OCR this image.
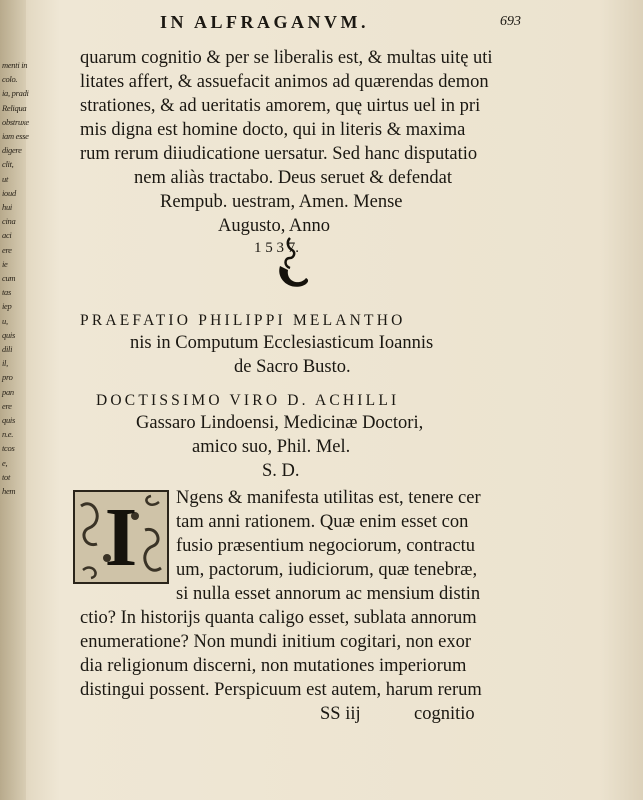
menti in
colo.
ia, pradi
Reliqua
obstruxe
iam esse
digere
clit,
ut
ioud
hui
cina
aci
ere
ie
cum
tas
iep
u,
quis
dili
il,
pro
pan
ere
quis
n.e.
tcos
e,
tot
hem
IN ALFRAGANVM.	693
quarum cognitio & per se liberalis est, & multas uitę uti
litates affert, & assuefacit animos ad quærendas demon
strationes, & ad ueritatis amorem, quę uirtus uel in pri
mis digna est homine docto, qui in literis & maxima
rum rerum diiudicatione uersatur. Sed hanc disputatio
nem aliàs tractabo. Deus seruet & defendat
Rempub. uestram, Amen. Mense
Augusto, Anno
1 5 3 7.
PRAEFATIO PHILIPPI MELANTHO
nis in Computum Ecclesiasticum Ioannis
de Sacro Busto.
DOCTISSIMO VIRO D. ACHILLI
Gassaro Lindoensi, Medicinæ Doctori,
amico suo, Phil. Mel.
S. D.
I	Ngens & manifesta utilitas est, tenere cer
tam anni rationem. Quæ enim esset con
fusio præsentium negociorum, contractu
um, pactorum, iudiciorum, quæ tenebræ,
si nulla esset annorum ac mensium distin
ctio? In historijs quanta caligo esset, sublata annorum
enumeratione? Non mundi initium cogitari, non exor
dia religionum discerni, non mutationes imperiorum
distingui possent. Perspicuum est autem, harum rerum
SS iij	cognitio
